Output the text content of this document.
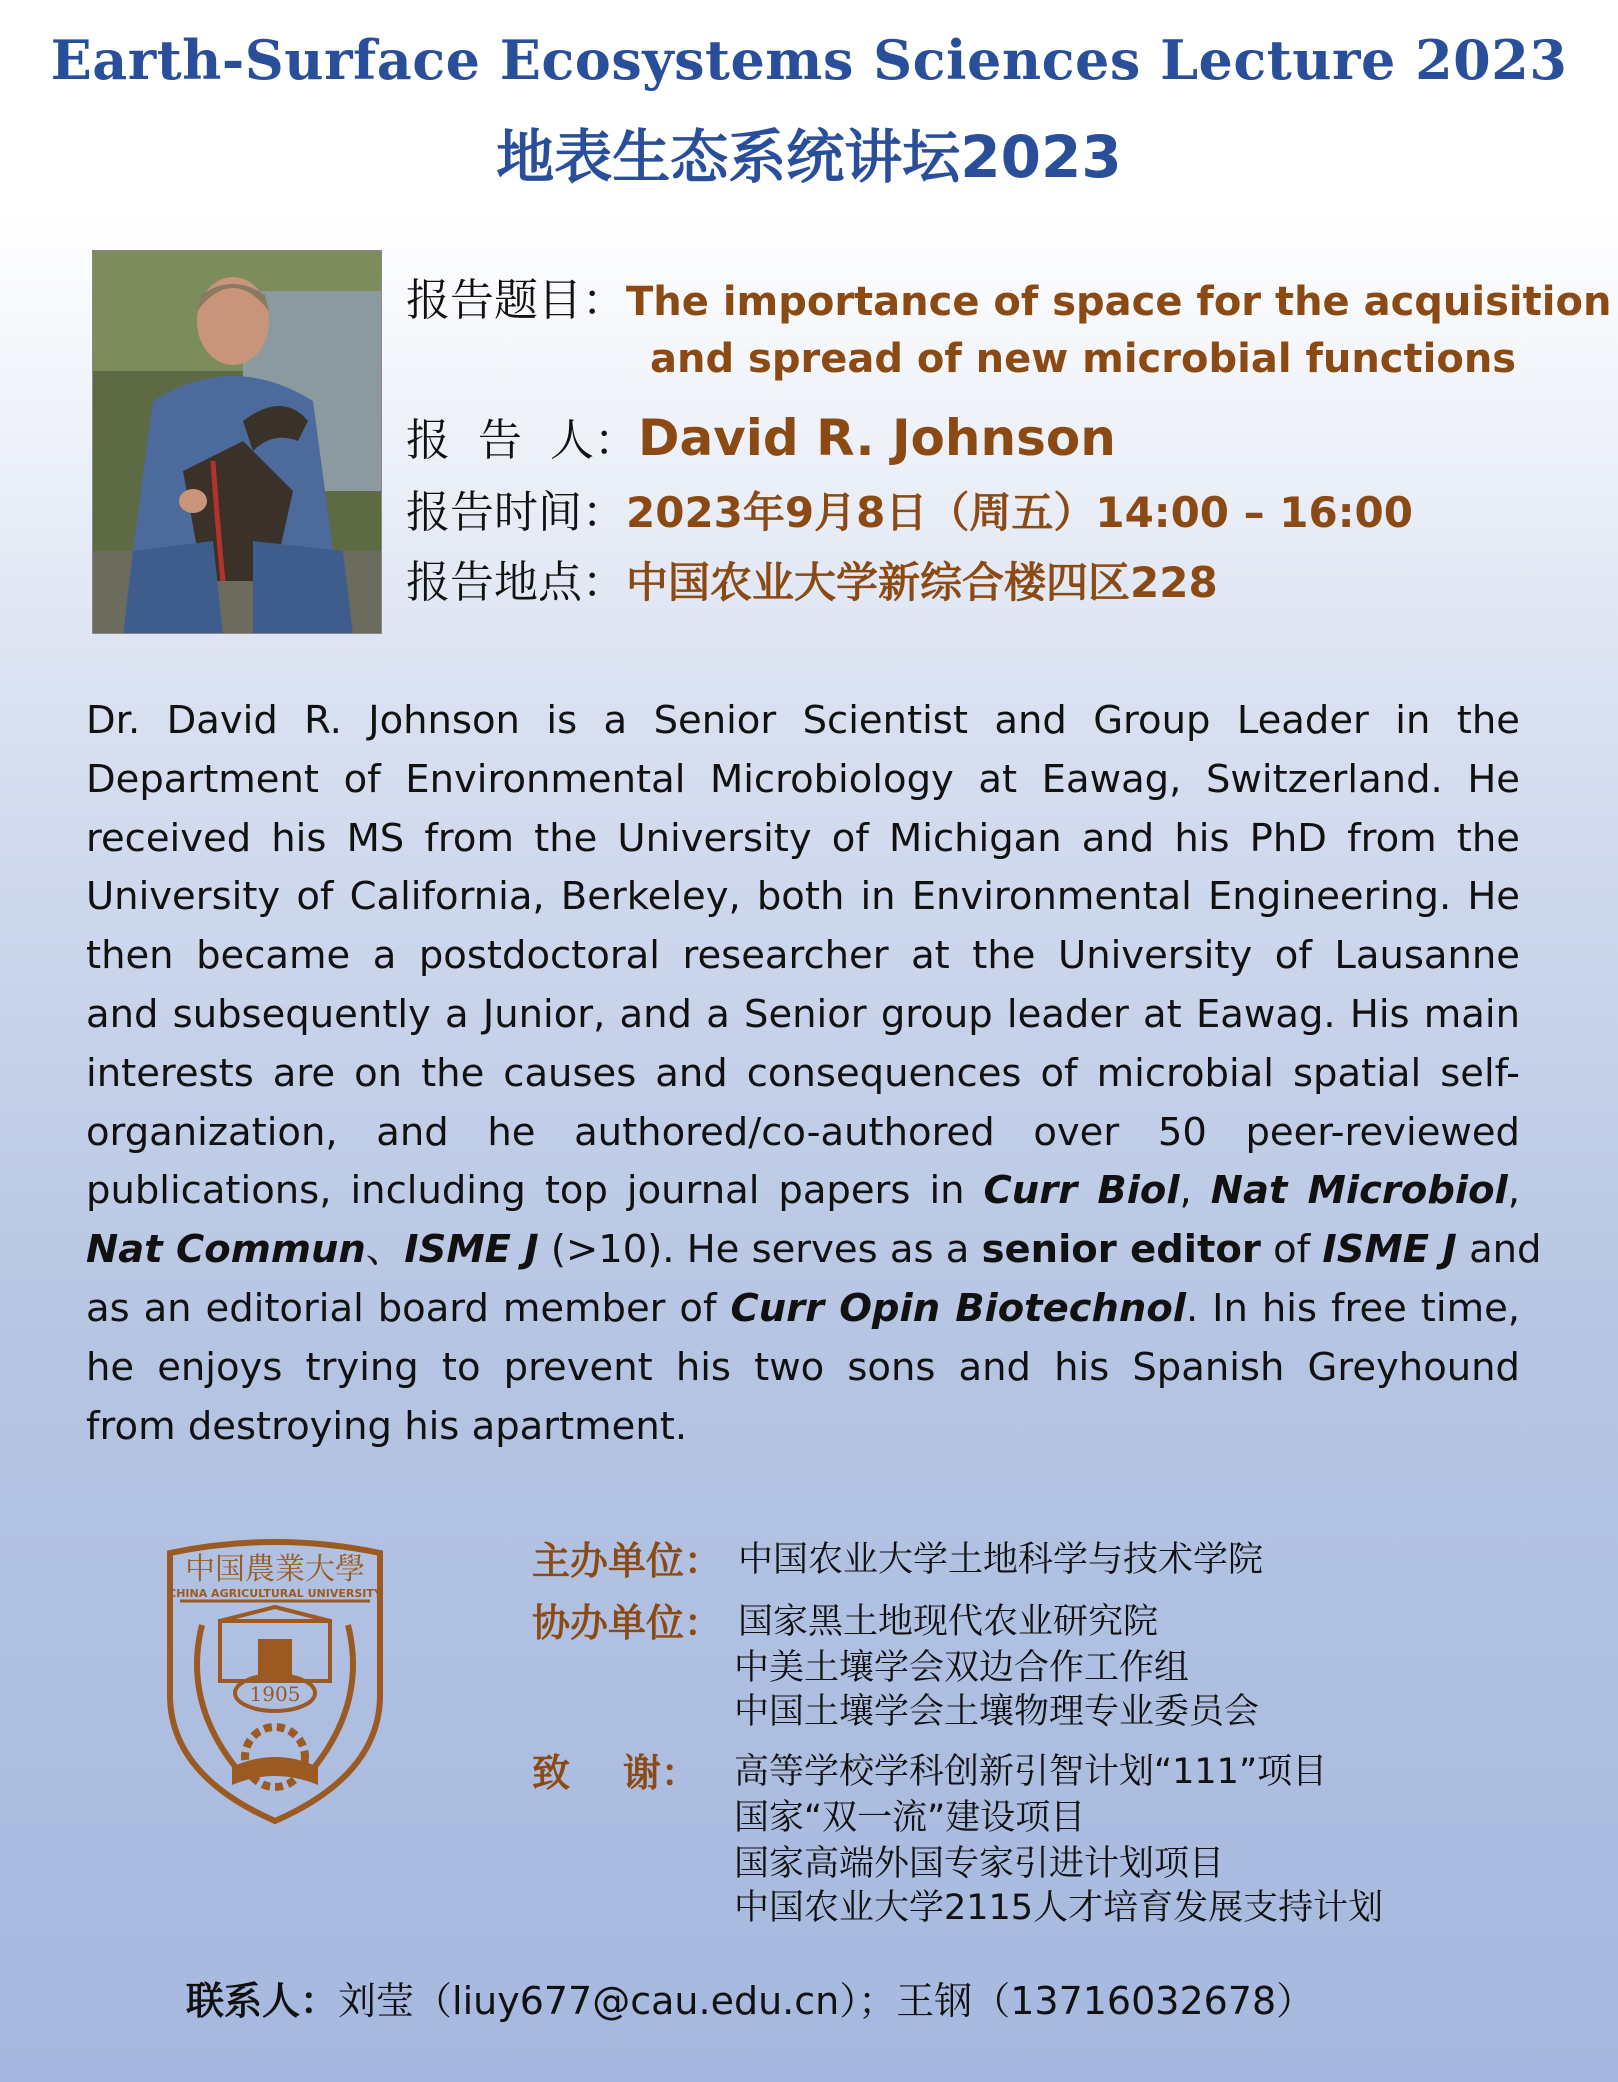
Earth-Surface Ecosystems Sciences Lecture 2023
地表生态系统讲坛2023
报告题目：The importance of space for the acquisition
and spread of new microbial functions
报  告  人：David R. Johnson
报告时间：2023年9月8日（周五）14:00 – 16:00
报告地点：中国农业大学新综合楼四区228
Dr. David R. Johnson is a Senior Scientist and Group Leader in the
Department of Environmental Microbiology at Eawag, Switzerland. He
received his MS from the University of Michigan and his PhD from the
University of California, Berkeley, both in Environmental Engineering. He
then became a postdoctoral researcher at the University of Lausanne
and subsequently a Junior, and a Senior group leader at Eawag. His main
interests are on the causes and consequences of microbial spatial self-
organization, and he authored/co-authored over 50 peer-reviewed
publications, including top journal papers in Curr Biol, Nat Microbiol,
Nat Commun、ISME J (>10). He serves as a senior editor of ISME J and
as an editorial board member of Curr Opin Biotechnol. In his free time,
he enjoys trying to prevent his two sons and his Spanish Greyhound
from destroying his apartment.
中国農業大學
CHINA AGRICULTURAL UNIVERSITY
1905
主办单位： 中国农业大学土地科学与技术学院
协办单位： 国家黑土地现代农业研究院
中美土壤学会双边合作工作组
中国土壤学会土壤物理专业委员会
致    谢： 高等学校学科创新引智计划“111”项目
国家“双一流”建设项目
国家高端外国专家引进计划项目
中国农业大学2115人才培育发展支持计划
联系人：刘莹（liuy677@cau.edu.cn）；王钢（13716032678）
